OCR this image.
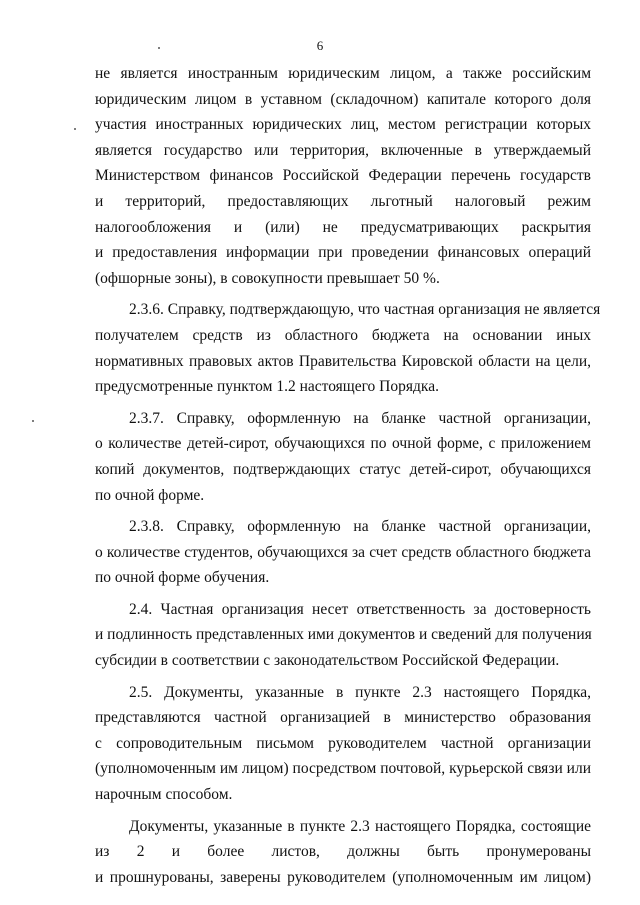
6
не является иностранным юридическим лицом, а также российским
юридическим лицом в уставном (складочном) капитале которого доля
участия иностранных юридических лиц, местом регистрации которых
является государство или территория, включенные в утверждаемый
Министерством финансов Российской Федерации перечень государств
и территорий, предоставляющих льготный налоговый режим
налогообложения и (или) не предусматривающих раскрытия
и предоставления информации при проведении финансовых операций
(офшорные зоны), в совокупности превышает 50 %.
2.3.6. Справку, подтверждающую, что частная организация не является
получателем средств из областного бюджета на основании иных
нормативных правовых актов Правительства Кировской области на цели,
предусмотренные пунктом 1.2 настоящего Порядка.
2.3.7. Справку, оформленную на бланке частной организации,
о количестве детей-сирот, обучающихся по очной форме, с приложением
копий документов, подтверждающих статус детей-сирот, обучающихся
по очной форме.
2.3.8. Справку, оформленную на бланке частной организации,
о количестве студентов, обучающихся за счет средств областного бюджета
по очной форме обучения.
2.4. Частная организация несет ответственность за достоверность
и подлинность представленных ими документов и сведений для получения
субсидии в соответствии с законодательством Российской Федерации.
2.5. Документы, указанные в пункте 2.3 настоящего Порядка,
представляются частной организацией в министерство образования
с сопроводительным письмом руководителем частной организации
(уполномоченным им лицом) посредством почтовой, курьерской связи или
нарочным способом.
Документы, указанные в пункте 2.3 настоящего Порядка, состоящие
из 2 и более листов, должны быть пронумерованы
и прошнурованы, заверены руководителем (уполномоченным им лицом)
